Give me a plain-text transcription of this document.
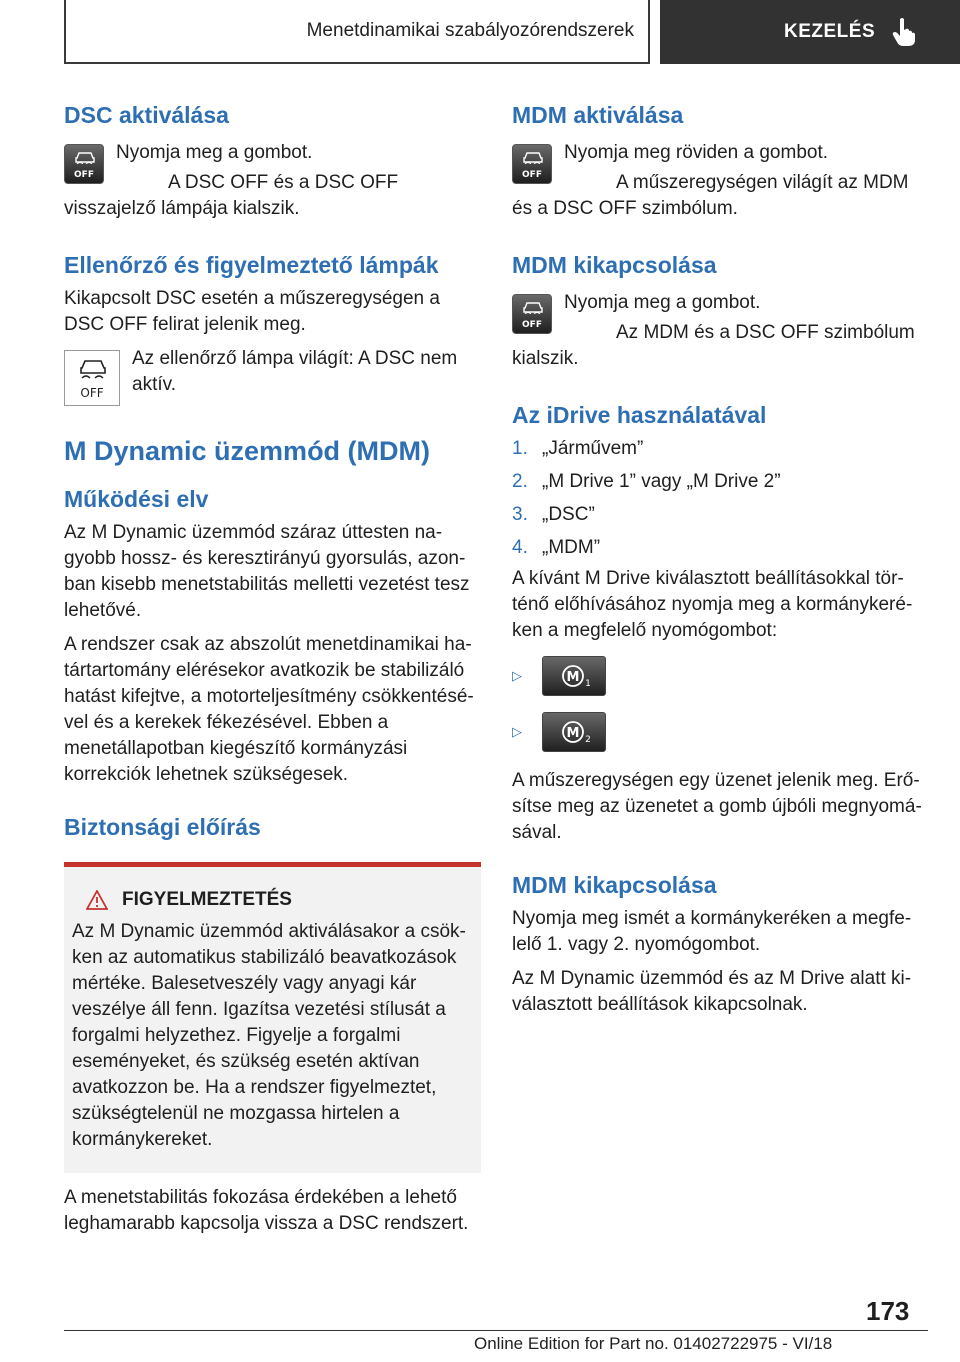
Menetdinamikai szabályozórendszerek	KEZELÉS
DSC aktiválása
OFF

Nyomja meg a gombot.

A DSC OFF és a DSC OFF visszajelző lámpája kialszik.

Ellenőrző és figyelmeztető lámpák

Kikapcsolt DSC esetén a műszeregységen a DSC OFF felirat jelenik meg.

OFF

Az ellenőrző lámpa világít: A DSC nem aktív.

M Dynamic üzemmód (MDM)
Működési elv

Az M Dynamic üzemmód száraz úttesten nagyobb hossz- és keresztirányú gyorsulás, azonban kisebb menetstabilitás melletti vezetést tesz lehetővé.

A rendszer csak az abszolút menetdinamikai határtartomány elérésekor avatkozik be stabilizáló hatást kifejtve, a motorteljesítmény csökkentésével és a kerekek fékezésével. Ebben a menetállapotban kiegészítő kormányzási korrekciók lehetnek szükségesek.

Biztonsági előírás
FIGYELMEZTETÉS

Az M Dynamic üzemmód aktiválásakor a csökken az automatikus stabilizáló beavatkozások mértéke. Balesetveszély vagy anyagi kár veszélye áll fenn. Igazítsa vezetési stílusát a forgalmi helyzethez. Figyelje a forgalmi eseményeket, és szükség esetén aktívan avatkozzon be. Ha a rendszer figyelmeztet, szükségtelenül ne mozgassa hirtelen a kormánykereket.

A menetstabilitás fokozása érdekében a lehető leghamarabb kapcsolja vissza a DSC rendszert.

MDM aktiválása
OFF

Nyomja meg röviden a gombot.

A műszeregységen világít az MDM és a DSC OFF szimbólum.

MDM kikapcsolása
OFF

Nyomja meg a gombot.

Az MDM és a DSC OFF szimbólum kialszik.

Az iDrive használatával
1. „Járművem”
2. „M Drive 1” vagy „M Drive 2”
3. „DSC”
4. „MDM”

A kívánt M Drive kiválasztott beállításokkal történő előhívásához nyomja meg a kormánykeréken a megfelelő nyomógombot:

▷	M 1
▷	M 2

A műszeregységen egy üzenet jelenik meg. Erősítse meg az üzenetet a gomb újbóli megnyomásával.

MDM kikapcsolása

Nyomja meg ismét a kormánykeréken a megfelelő 1. vagy 2. nyomógombot.

Az M Dynamic üzemmód és az M Drive alatt kiválasztott beállítások kikapcsolnak.

173
Online Edition for Part no. 01402722975 - VI/18
